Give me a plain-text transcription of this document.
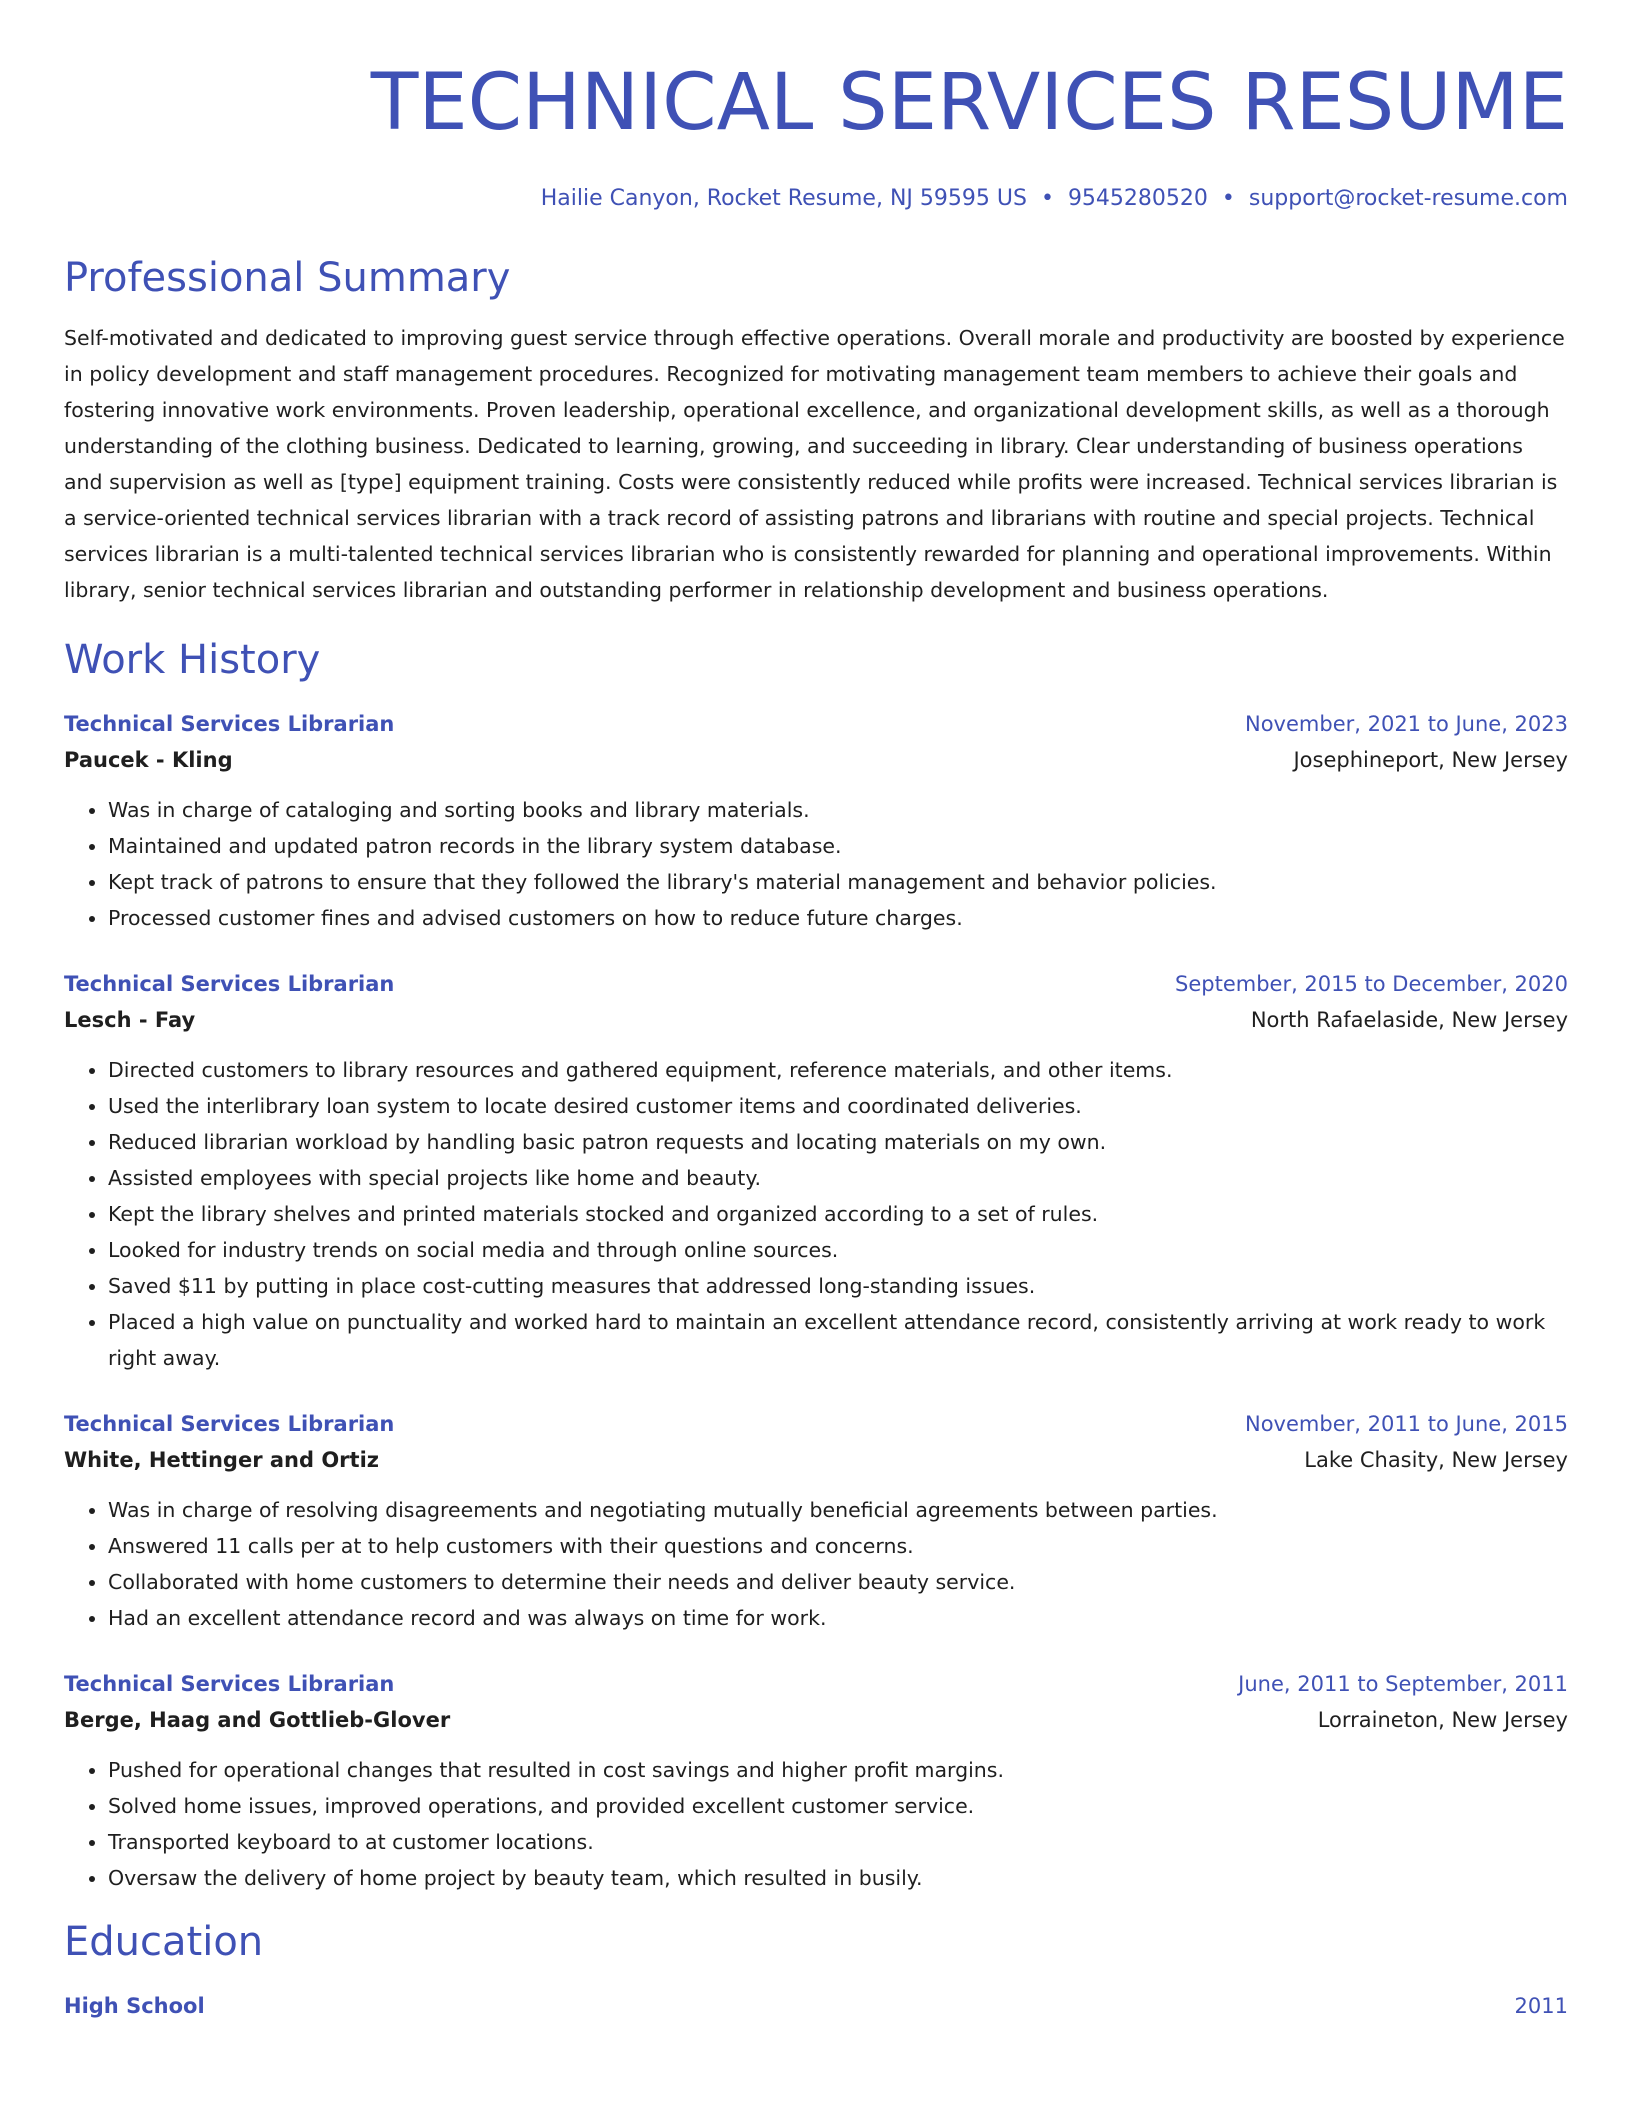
TECHNICAL SERVICES RESUME
Hailie Canyon, Rocket Resume, NJ 59595 US • 9545280520 • support@rocket-resume.com
Professional Summary
Self-motivated and dedicated to improving guest service through effective operations. Overall morale and productivity are boosted by experience in policy development and staff management procedures. Recognized for motivating management team members to achieve their goals and fostering innovative work environments. Proven leadership, operational excellence, and organizational development skills, as well as a thorough understanding of the clothing business. Dedicated to learning, growing, and succeeding in library. Clear understanding of business operations and supervision as well as [type] equipment training. Costs were consistently reduced while profits were increased. Technical services librarian is a service-oriented technical services librarian with a track record of assisting patrons and librarians with routine and special projects. Technical services librarian is a multi-talented technical services librarian who is consistently rewarded for planning and operational improvements. Within library, senior technical services librarian and outstanding performer in relationship development and business operations.
Work History
Technical Services Librarian	November, 2021 to June, 2023
Paucek - Kling	Josephineport, New Jersey
• Was in charge of cataloging and sorting books and library materials.
• Maintained and updated patron records in the library system database.
• Kept track of patrons to ensure that they followed the library's material management and behavior policies.
• Processed customer fines and advised customers on how to reduce future charges.
Technical Services Librarian	September, 2015 to December, 2020
Lesch - Fay	North Rafaelaside, New Jersey
• Directed customers to library resources and gathered equipment, reference materials, and other items.
• Used the interlibrary loan system to locate desired customer items and coordinated deliveries.
• Reduced librarian workload by handling basic patron requests and locating materials on my own.
• Assisted employees with special projects like home and beauty.
• Kept the library shelves and printed materials stocked and organized according to a set of rules.
• Looked for industry trends on social media and through online sources.
• Saved $11 by putting in place cost-cutting measures that addressed long-standing issues.
• Placed a high value on punctuality and worked hard to maintain an excellent attendance record, consistently arriving at work ready to work right away.
Technical Services Librarian	November, 2011 to June, 2015
White, Hettinger and Ortiz	Lake Chasity, New Jersey
• Was in charge of resolving disagreements and negotiating mutually beneficial agreements between parties.
• Answered 11 calls per at to help customers with their questions and concerns.
• Collaborated with home customers to determine their needs and deliver beauty service.
• Had an excellent attendance record and was always on time for work.
Technical Services Librarian	June, 2011 to September, 2011
Berge, Haag and Gottlieb-Glover	Lorraineton, New Jersey
• Pushed for operational changes that resulted in cost savings and higher profit margins.
• Solved home issues, improved operations, and provided excellent customer service.
• Transported keyboard to at customer locations.
• Oversaw the delivery of home project by beauty team, which resulted in busily.
Education
High School	2011
